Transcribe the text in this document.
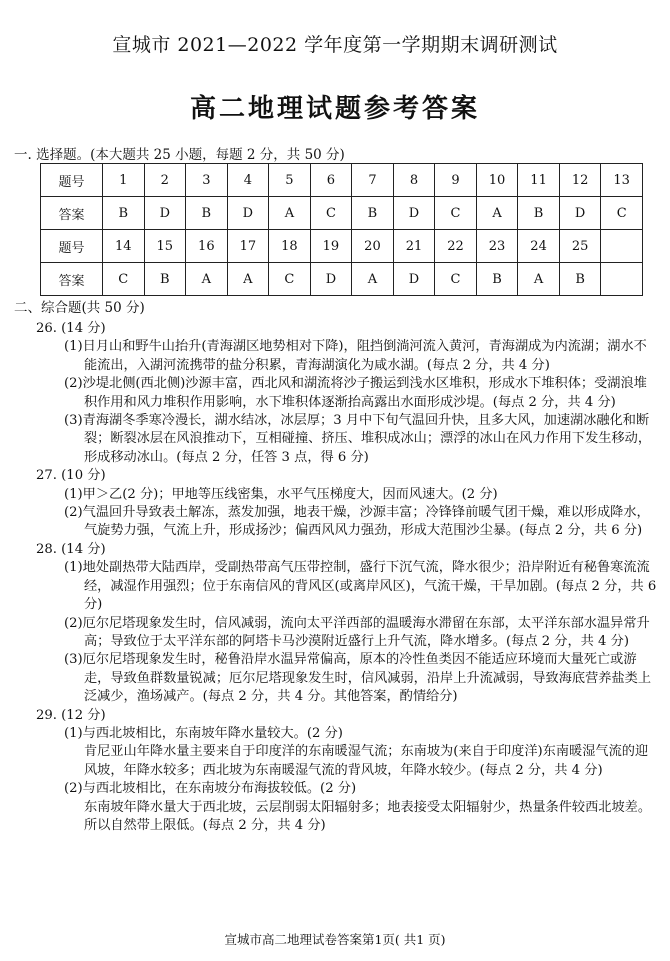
宣城市 2021—2022 学年度第一学期期末调研测试
高二地理试题参考答案
一. 选择题。(本大题共 25 小题，每题 2 分，共 50 分)
题号	1	2	3	4	5	6	7	8	9	10	11	12	13
答案	B	D	B	D	A	C	B	D	C	A	B	D	C
题号	14	15	16	17	18	19	20	21	22	23	24	25	
答案	C	B	A	A	C	D	A	D	C	B	A	B	
二、综合题(共 50 分)

26. (14 分)

(1)日月山和野牛山抬升(青海湖区地势相对下降)，阻挡倒淌河流入黄河，青海湖成为内流湖；湖水不能流出，入湖河流携带的盐分积累，青海湖演化为咸水湖。(每点 2 分，共 4 分)

(2)沙堤北侧(西北侧)沙源丰富，西北风和湖流将沙子搬运到浅水区堆积，形成水下堆积体；受湖浪堆积作用和风力堆积作用影响，水下堆积体逐渐抬高露出水面形成沙堤。(每点 2 分，共 4 分)

(3)青海湖冬季寒冷漫长，湖水结冰，冰层厚；3 月中下旬气温回升快，且多大风，加速湖冰融化和断裂；断裂冰层在风浪推动下，互相碰撞、挤压、堆积成冰山；漂浮的冰山在风力作用下发生移动，形成移动冰山。(每点 2 分，任答 3 点，得 6 分)

27. (10 分)

(1)甲＞乙(2 分)；甲地等压线密集，水平气压梯度大，因而风速大。(2 分)

(2)气温回升导致表土解冻，蒸发加强，地表干燥，沙源丰富；冷锋锋前暖气团干燥，难以形成降水，气旋势力强，气流上升，形成扬沙；偏西风风力强劲，形成大范围沙尘暴。(每点 2 分，共 6 分)

28. (14 分)

(1)地处副热带大陆西岸，受副热带高气压带控制，盛行下沉气流，降水很少；沿岸附近有秘鲁寒流流经，减湿作用强烈；位于东南信风的背风区(或离岸风区)，气流干燥，干旱加剧。(每点 2 分，共 6 分)

(2)厄尔尼塔现象发生时，信风减弱，流向太平洋西部的温暖海水滞留在东部，太平洋东部水温异常升高；导致位于太平洋东部的阿塔卡马沙漠附近盛行上升气流，降水增多。(每点 2 分，共 4 分)

(3)厄尔尼塔现象发生时，秘鲁沿岸水温异常偏高，原本的冷性鱼类因不能适应环境而大量死亡或游走，导致鱼群数量锐减；厄尔尼塔现象发生时，信风减弱，沿岸上升流减弱，导致海底营养盐类上泛减少，渔场减产。(每点 2 分，共 4 分。其他答案，酌情给分)

29. (12 分)

(1)与西北坡相比，东南坡年降水量较大。(2 分)

肯尼亚山年降水量主要来自于印度洋的东南暖湿气流；东南坡为(来自于印度洋)东南暖湿气流的迎风坡，年降水较多；西北坡为东南暖湿气流的背风坡，年降水较少。(每点 2 分，共 4 分)

(2)与西北坡相比，在东南坡分布海拔较低。(2 分)

东南坡年降水量大于西北坡，云层削弱太阳辐射多；地表接受太阳辐射少，热量条件较西北坡差。所以自然带上限低。(每点 2 分，共 4 分)

宣城市高二地理试卷答案第1页( 共1 页)
